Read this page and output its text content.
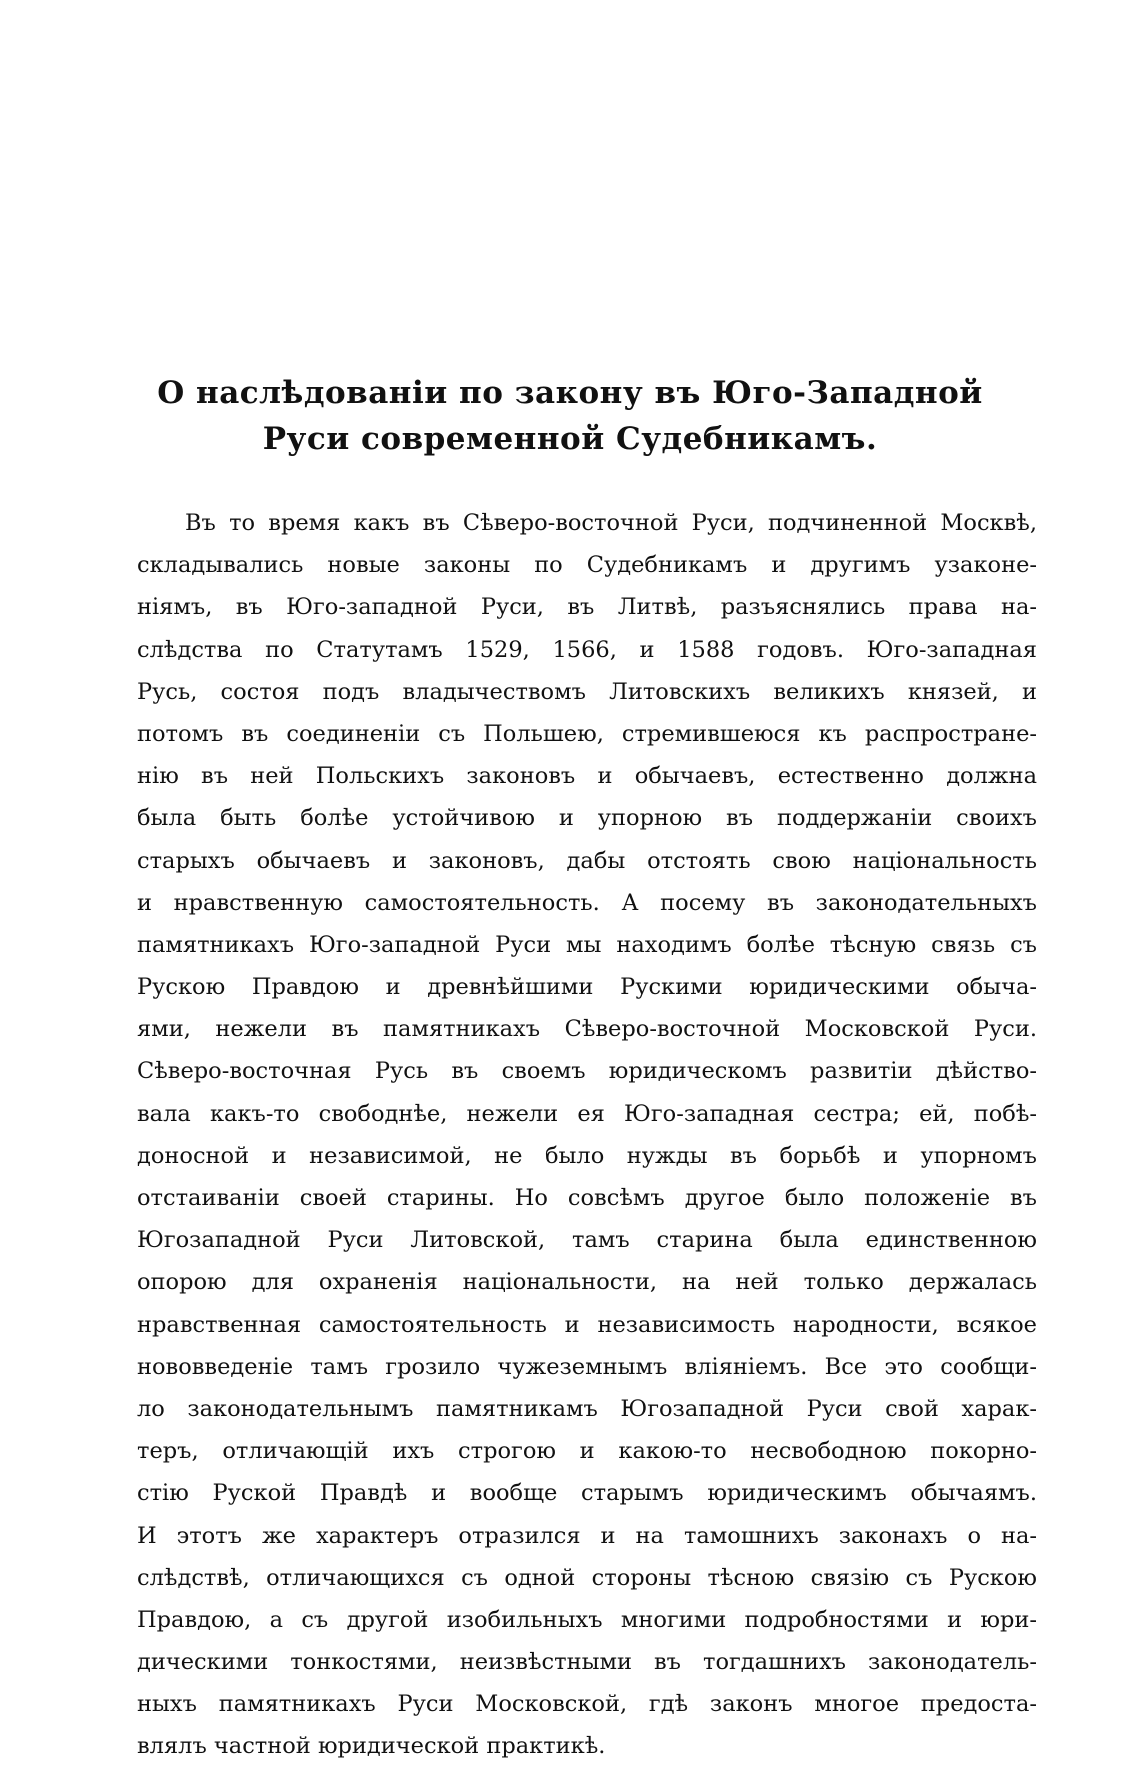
О наслѣдованіи по закону въ Юго-Западной
Руси современной Судебникамъ.
Въ то время какъ въ Сѣверо-восточной Руси, подчиненной Москвѣ,
складывались новые законы по Судебникамъ и другимъ узаконе-
ніямъ, въ Юго-западной Руси, въ Литвѣ, разъяснялись права на-
слѣдства по Статутамъ 1529, 1566, и 1588 годовъ. Юго-западная
Русь, состоя подъ владычествомъ Литовскихъ великихъ князей, и
потомъ въ соединеніи съ Польшею, стремившеюся къ распростране-
нію въ ней Польскихъ законовъ и обычаевъ, естественно должна
была быть болѣе устойчивою и упорною въ поддержаніи своихъ
старыхъ обычаевъ и законовъ, дабы отстоять свою національность
и нравственную самостоятельность. А посему въ законодательныхъ
памятникахъ Юго-западной Руси мы находимъ болѣе тѣсную связь съ
Рускою Правдою и древнѣйшими Рускими юридическими обыча-
ями, нежели въ памятникахъ Сѣверо-восточной Московской Руси.
Сѣверо-восточная Русь въ своемъ юридическомъ развитіи дѣйство-
вала какъ-то свободнѣе, нежели ея Юго-западная сестра; ей, побѣ-
доносной и независимой, не было нужды въ борьбѣ и упорномъ
отстаиваніи своей старины. Но совсѣмъ другое было положеніе въ
Югозападной Руси Литовской, тамъ старина была единственною
опорою для охраненія національности, на ней только держалась
нравственная самостоятельность и независимость народности, всякое
нововведеніе тамъ грозило чужеземнымъ вліяніемъ. Все это сообщи-
ло законодательнымъ памятникамъ Югозападной Руси свой харак-
теръ, отличающій ихъ строгою и какою-то несвободною покорно-
стію Руской Правдѣ и вообще старымъ юридическимъ обычаямъ.
И этотъ же характеръ отразился и на тамошнихъ законахъ о на-
слѣдствѣ, отличающихся съ одной стороны тѣсною связію съ Рускою
Правдою, а съ другой изобильныхъ многими подробностями и юри-
дическими тонкостями, неизвѣстными въ тогдашнихъ законодатель-
ныхъ памятникахъ Руси Московской, гдѣ законъ многое предоста-
влялъ частной юридической практикѣ.
